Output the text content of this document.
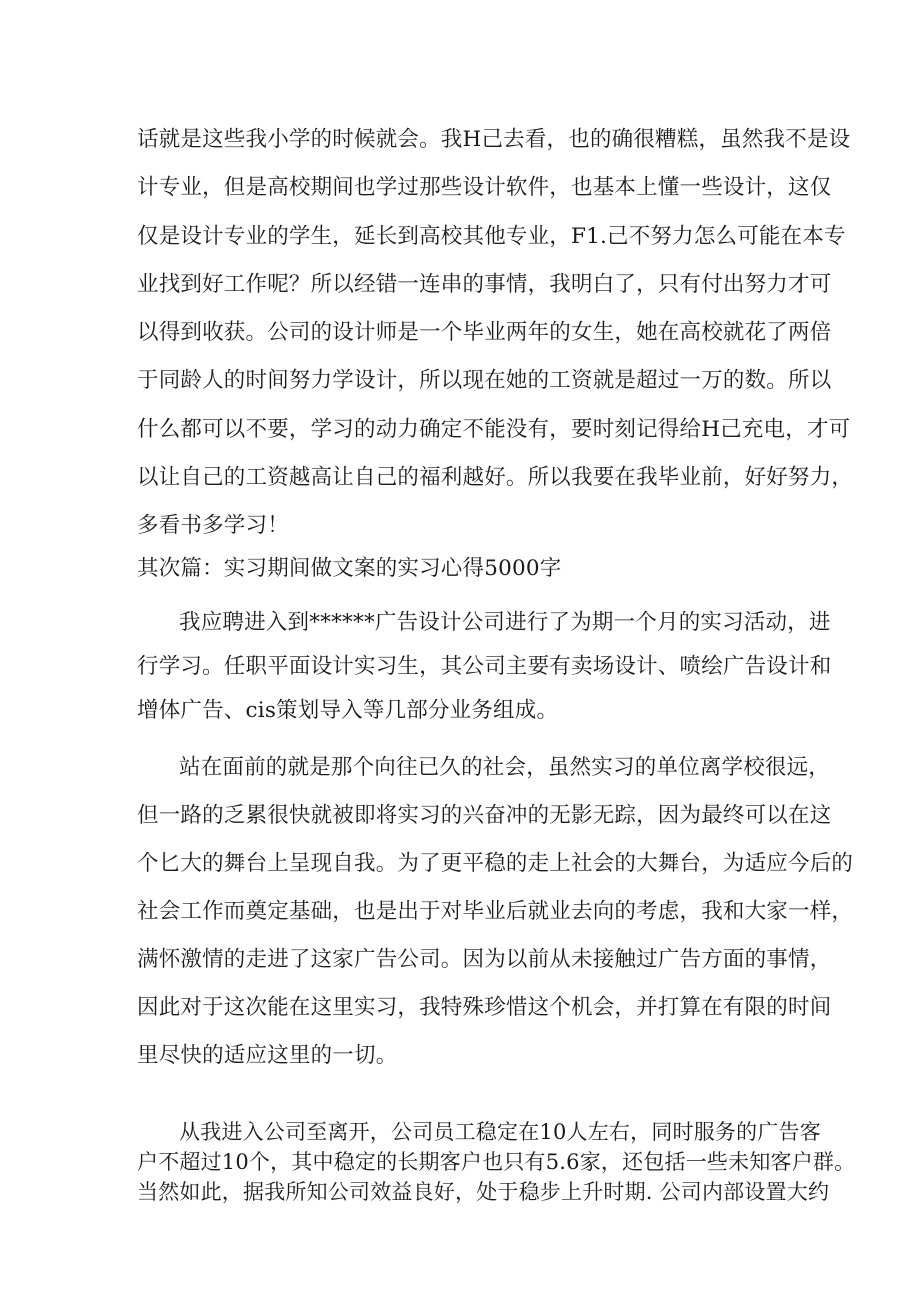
话就是这些我小学的时候就会。我H己去看，也的确很糟糕，虽然我不是设
计专业，但是高校期间也学过那些设计软件，也基本上懂一些设计，这仅
仅是设计专业的学生，延长到高校其他专业，F1.己不努力怎么可能在本专
业找到好工作呢？所以经错一连串的事情，我明白了，只有付出努力才可
以得到收获。公司的设计师是一个毕业两年的女生，她在高校就花了两倍
于同龄人的时间努力学设计，所以现在她的工资就是超过一万的数。所以
什么都可以不要，学习的动力确定不能没有，要时刻记得给H己充电，才可
以让自己的工资越高让自己的福利越好。所以我要在我毕业前，好好努力，
多看书多学习！
其次篇：实习期间做文案的实习心得5000字
我应聘进入到******广告设计公司进行了为期一个月的实习活动，进
行学习。任职平面设计实习生，其公司主要有卖场设计、喷绘广告设计和
增体广告、cis策划导入等几部分业务组成。
站在面前的就是那个向往已久的社会，虽然实习的单位离学校很远，
但一路的乏累很快就被即将实习的兴奋冲的无影无踪，因为最终可以在这
个匕大的舞台上呈现自我。为了更平稳的走上社会的大舞台，为适应今后的
社会工作而奠定基础，也是出于对毕业后就业去向的考虑，我和大家一样，
满怀激情的走进了这家广告公司。因为以前从未接触过广告方面的事情，
因此对于这次能在这里实习，我特殊珍惜这个机会，并打算在有限的时间
里尽快的适应这里的一切。
从我进入公司至离开，公司员工稳定在10人左右，同时服务的广告客
户不超过10个，其中稳定的长期客户也只有5.6家，还包括一些未知客户群。
当然如此，据我所知公司效益良好，处于稳步上升时期. 公司内部设置大约
